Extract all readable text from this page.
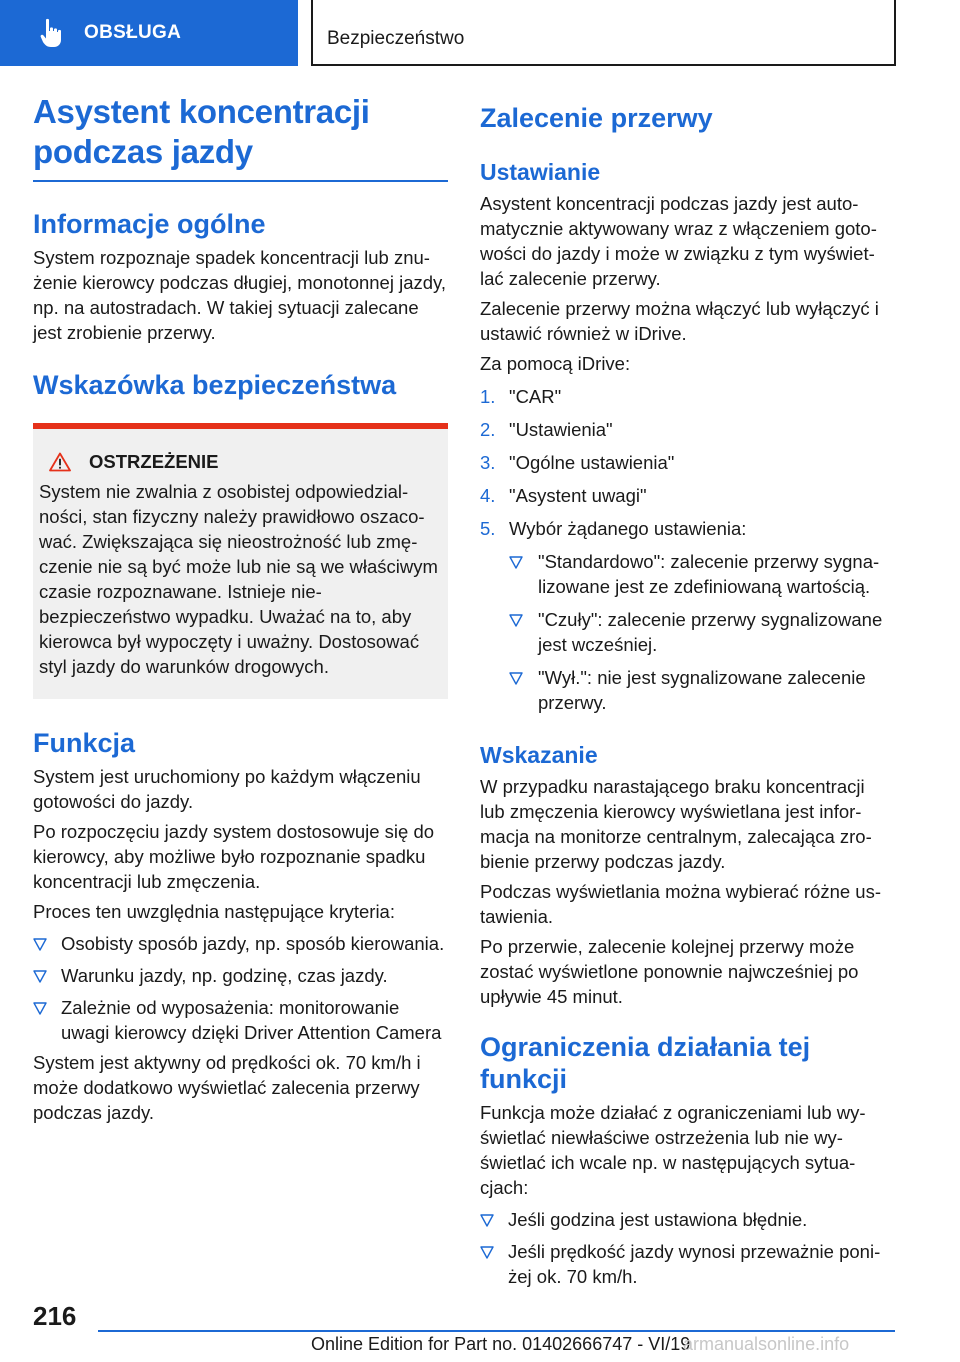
OBSŁUGA	Bezpieczeństwo
Asystent koncentracji podczas jazdy
Informacje ogólne

System rozpoznaje spadek koncentracji lub znużenie kierowcy podczas długiej, monotonnej jazdy, np. na autostradach. W takiej sytuacji zalecane jest zrobienie przerwy.

Wskazówka bezpieczeństwa
OSTRZEŻENIE

System nie zwalnia z osobistej odpowiedzialności, stan fizyczny należy prawidłowo oszacować. Zwiększająca się nieostrożność lub zmęczenie nie są być może lub nie są we właściwym czasie rozpoznawane. Istnieje niebezpieczeństwo wypadku. Uważać na to, aby kierowca był wypoczęty i uważny. Dostosować styl jazdy do warunków drogowych.

Funkcja

System jest uruchomiony po każdym włączeniu gotowości do jazdy.

Po rozpoczęciu jazdy system dostosowuje się do kierowcy, aby możliwe było rozpoznanie spadku koncentracji lub zmęczenia.

Proces ten uwzględnia następujące kryteria:

Osobisty sposób jazdy, np. sposób kierowania.
Warunku jazdy, np. godzinę, czas jazdy.
Zależnie od wyposażenia: monitorowanie uwagi kierowcy dzięki Driver Attention Camera

System jest aktywny od prędkości ok. 70 km/h i może dodatkowo wyświetlać zalecenia przerwy podczas jazdy.

Zalecenie przerwy
Ustawianie

Asystent koncentracji podczas jazdy jest automatycznie aktywowany wraz z włączeniem gotowości do jazdy i może w związku z tym wyświetlać zalecenie przerwy.

Zalecenie przerwy można włączyć lub wyłączyć i ustawić również w iDrive.

Za pomocą iDrive:

1. "CAR"
2. "Ustawienia"
3. "Ogólne ustawienia"
4. "Asystent uwagi"
5. Wybór żądanego ustawienia:
"Standardowo": zalecenie przerwy sygnalizowane jest ze zdefiniowaną wartością.
"Czuły": zalecenie przerwy sygnalizowane jest wcześniej.
"Wył.": nie jest sygnalizowane zalecenie przerwy.
Wskazanie

W przypadku narastającego braku koncentracji lub zmęczenia kierowcy wyświetlana jest informacja na monitorze centralnym, zalecająca zrobienie przerwy podczas jazdy.

Podczas wyświetlania można wybierać różne ustawienia.

Po przerwie, zalecenie kolejnej przerwy może zostać wyświetlone ponownie najwcześniej po upływie 45 minut.

Ograniczenia działania tej funkcji

Funkcja może działać z ograniczeniami lub wyświetlać niewłaściwe ostrzeżenia lub nie wyświetlać ich wcale np. w następujących sytuacjach:

Jeśli godzina jest ustawiona błędnie.
Jeśli prędkość jazdy wynosi przeważnie poniżej ok. 70 km/h.
216
Online Edition for Part no. 01402666747 - VI/19
armanualsonline.info
